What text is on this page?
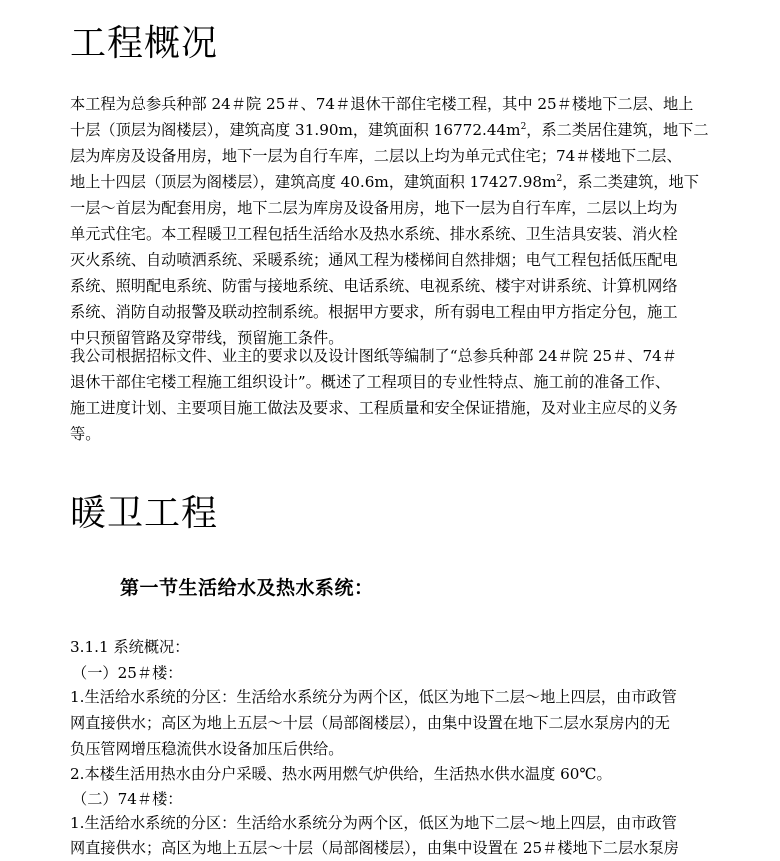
工程概况

本工程为总参兵种部 24＃院 25＃、74＃退休干部住宅楼工程，其中 25＃楼地下二层、地上

十层（顶层为阁楼层），建筑高度 31.90m，建筑面积 $16772.44m^2$，系二类居住建筑，地下二

层为库房及设备用房，地下一层为自行车库，二层以上均为单元式住宅；74＃楼地下二层、

地上十四层（顶层为阁楼层），建筑高度 40.6m，建筑面积 $17427.98m^2$，系二类建筑，地下

一层～首层为配套用房，地下二层为库房及设备用房，地下一层为自行车库，二层以上均为

单元式住宅。本工程暖卫工程包括生活给水及热水系统、排水系统、卫生洁具安装、消火栓

灭火系统、自动喷洒系统、采暖系统；通风工程为楼梯间自然排烟；电气工程包括低压配电

系统、照明配电系统、防雷与接地系统、电话系统、电视系统、楼宇对讲系统、计算机网络

系统、消防自动报警及联动控制系统。根据甲方要求，所有弱电工程由甲方指定分包，施工

中只预留管路及穿带线，预留施工条件。

我公司根据招标文件、业主的要求以及设计图纸等编制了“总参兵种部 24＃院 25＃、74＃

退休干部住宅楼工程施工组织设计”。概述了工程项目的专业性特点、施工前的准备工作、

施工进度计划、主要项目施工做法及要求、工程质量和安全保证措施，及对业主应尽的义务

等。

暖卫工程
第一节生活给水及热水系统：

3.1.1 系统概况：

（一）25＃楼：

1.生活给水系统的分区：生活给水系统分为两个区，低区为地下二层～地上四层，由市政管

网直接供水；高区为地上五层～十层（局部阁楼层），由集中设置在地下二层水泵房内的无

负压管网增压稳流供水设备加压后供给。

2.本楼生活用热水由分户采暖、热水两用燃气炉供给，生活热水供水温度 60℃。

（二）74＃楼：

1.生活给水系统的分区：生活给水系统分为两个区，低区为地下二层～地上四层，由市政管

网直接供水；高区为地上五层～十层（局部阁楼层），由集中设置在 25＃楼地下二层水泵房
